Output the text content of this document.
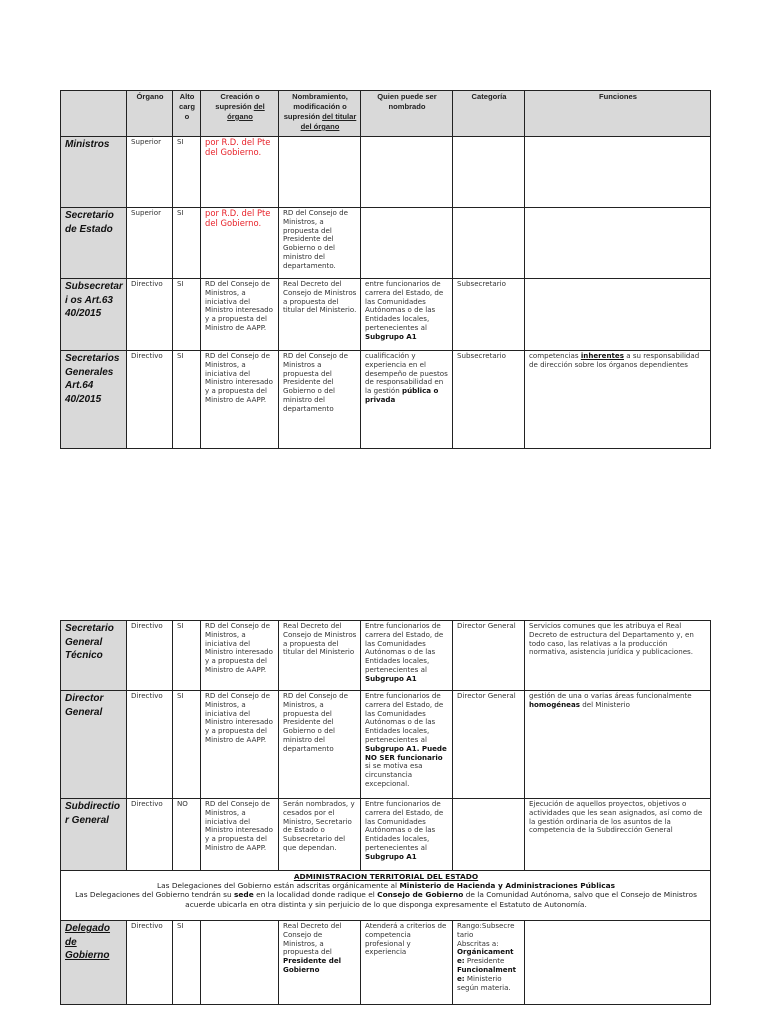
	Órgano	Alto carg o	Creación o supresión del órgano	Nombramiento, modificación o supresión del titular del órgano	Quien puede ser nombrado	Categoría	Funciones
Ministros	Superior	SI	por R.D. del Pte del Gobierno.				
Secretario de Estado	Superior	SI	por R.D. del Pte del Gobierno.	RD del Consejo de Ministros, a propuesta del Presidente del Gobierno o del ministro del departamento.			
Subsecretari os Art.63 40/2015	Directivo	SI	RD del Consejo de Ministros, a iniciativa del Ministro interesado y a propuesta del Ministro de AAPP.	Real Decreto del Consejo de Ministros a propuesta del titular del Ministerio.	entre funcionarios de carrera del Estado, de las Comunidades Autónomas o de las Entidades locales, pertenecientes al Subgrupo A1	Subsecretario	
Secretarios Generales Art.64 40/2015	Directivo	SI	RD del Consejo de Ministros, a iniciativa del Ministro interesado y a propuesta del Ministro de AAPP.	RD del Consejo de Ministros a propuesta del Presidente del Gobierno o del ministro del departamento	cualificación y experiencia en el desempeño de puestos de responsabilidad en la gestión pública o privada	Subsecretario	competencias inherentes a su responsabilidad de dirección sobre los órganos dependientes
Secretario General Técnico	Directivo	SI	RD del Consejo de Ministros, a iniciativa del Ministro interesado y a propuesta del Ministro de AAPP.	Real Decreto del Consejo de Ministros a propuesta del titular del Ministerio	Entre funcionarios de carrera del Estado, de las Comunidades Autónomas o de las Entidades locales, pertenecientes al Subgrupo A1	Director General	Servicios comunes que les atribuya el Real Decreto de estructura del Departamento y, en todo caso, las relativas a la producción normativa, asistencia jurídica y publicaciones.
Director General	Directivo	SI	RD del Consejo de Ministros, a iniciativa del Ministro interesado y a propuesta del Ministro de AAPP.	RD del Consejo de Ministros, a propuesta del Presidente del Gobierno o del ministro del departamento	Entre funcionarios de carrera del Estado, de las Comunidades Autónomas o de las Entidades locales, pertenecientes al Subgrupo A1. Puede NO SER funcionario si se motiva esa circunstancia excepcional.	Director General	gestión de una o varias áreas funcionalmente homogéneas del Ministerio
Subdirectior General	Directivo	NO	RD del Consejo de Ministros, a iniciativa del Ministro interesado y a propuesta del Ministro de AAPP.	Serán nombrados, y cesados por el Ministro, Secretario de Estado o Subsecretario del que dependan.	Entre funcionarios de carrera del Estado, de las Comunidades Autónomas o de las Entidades locales, pertenecientes al Subgrupo A1		Ejecución de aquellos proyectos, objetivos o actividades que les sean asignados, así como de la gestión ordinaria de los asuntos de la competencia de la Subdirección General

ADMINISTRACION TERRITORIAL DEL ESTADO
Las Delegaciones del Gobierno están adscritas orgánicamente al Ministerio de Hacienda y Administraciones Públicas
Las Delegaciones del Gobierno tendrán su sede en la localidad donde radique el Consejo de Gobierno de la Comunidad Autónoma, salvo que el Consejo de Ministros acuerde ubicarla en otra distinta y sin perjuicio de lo que disponga expresamente el Estatuto de Autonomía.							

Delegado de Gobierno	Directivo	SI		Real Decreto del Consejo de Ministros, a propuesta del Presidente del Gobierno	Atenderá a criterios de competencia profesional y experiencia	Rango:Subsecre tario
Abscritas a:
Orgánicament e: Presidente
Funcionalment e: Ministerio según materia.	
